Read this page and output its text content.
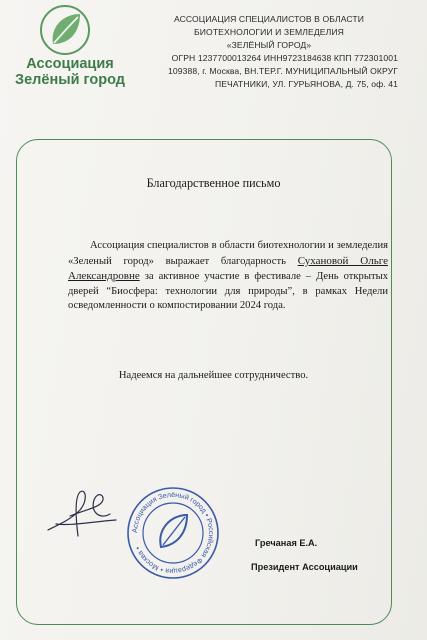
Ассоциация
Зелёный город
АССОЦИАЦИЯ СПЕЦИАЛИСТОВ В ОБЛАСТИ
БИОТЕХНОЛОГИИ И ЗЕМЛЕДЕЛИЯ
«ЗЕЛЁНЫЙ ГОРОД»
ОГРН 1237700013264 ИНН9723184638 КПП 772301001
109388, г. Москва, ВН.ТЕР.Г. МУНИЦИПАЛЬНЫЙ ОКРУГ
ПЕЧАТНИКИ, УЛ. ГУРЬЯНОВА, Д. 75, оф. 41
Благодарственное письмо
Ассоциация специалистов в области биотехнологии и земледелия «Зеленый город» выражает благодарность Сухановой Ольге Александровне за активное участие в фестивале – День открытых дверей “Биосфера: технологии для природы”, в рамках Недели осведомленности о компостировании 2024 года.
Надеемся на дальнейшее сотрудничество.
Ассоциация Зелёный город • Российская Федерация • Москва •
Гречаная Е.А.
Президент Ассоциации
